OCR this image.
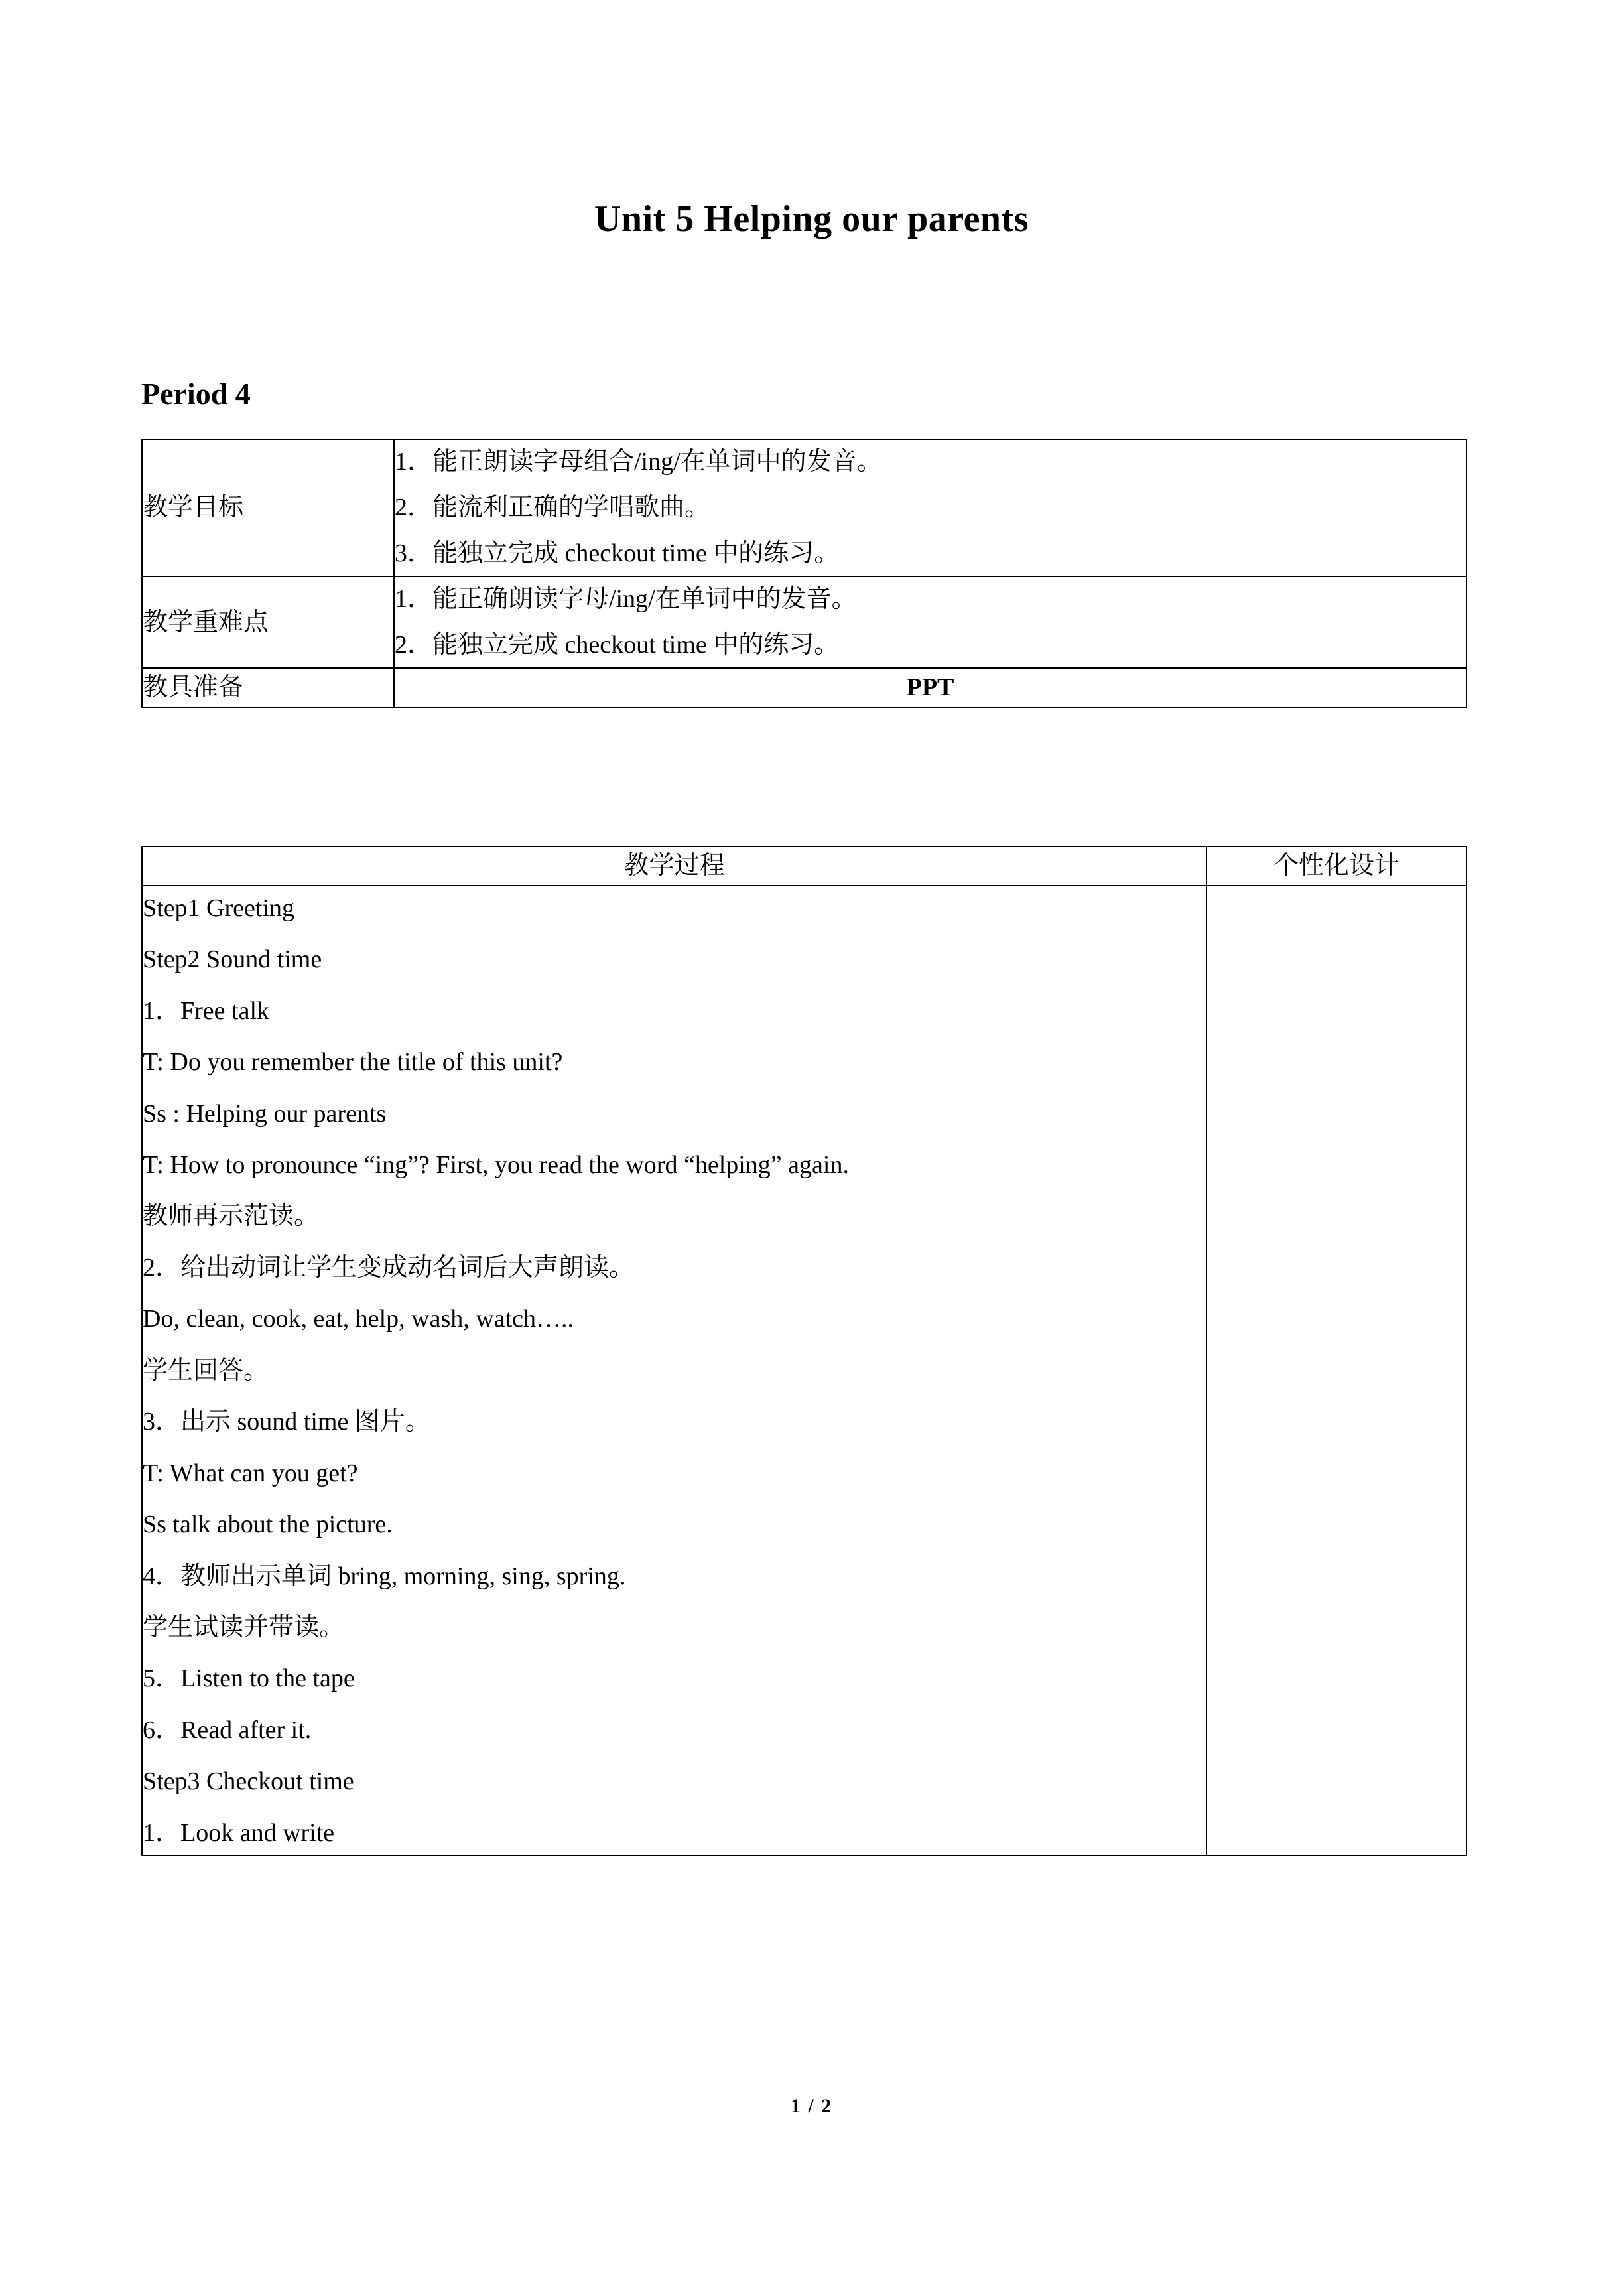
Unit 5 Helping our parents
Period 4
教学目标	1．能正朗读字母组合/ing/在单词中的发音。
2．能流利正确的学唱歌曲。
3．能独立完成 checkout time 中的练习。

教学重难点	1．能正确朗读字母/ing/在单词中的发音。
2．能独立完成 checkout time 中的练习。

教具准备	PPT
教学过程	个性化设计

Step1 Greeting
Step2 Sound time
1．Free talk
T: Do you remember the title of this unit?
Ss : Helping our parents
T: How to pronounce “ing”? First, you read the word “helping” again.
教师再示范读。
2．给出动词让学生变成动名词后大声朗读。
Do, clean, cook, eat, help, wash, watch…..
学生回答。
3．出示 sound time 图片。
T: What can you get?
Ss talk about the picture.
4．教师出示单词 bring, morning, sing, spring.
学生试读并带读。
5．Listen to the tape
6．Read after it.
Step3 Checkout time
1．Look and write

1 / 2
